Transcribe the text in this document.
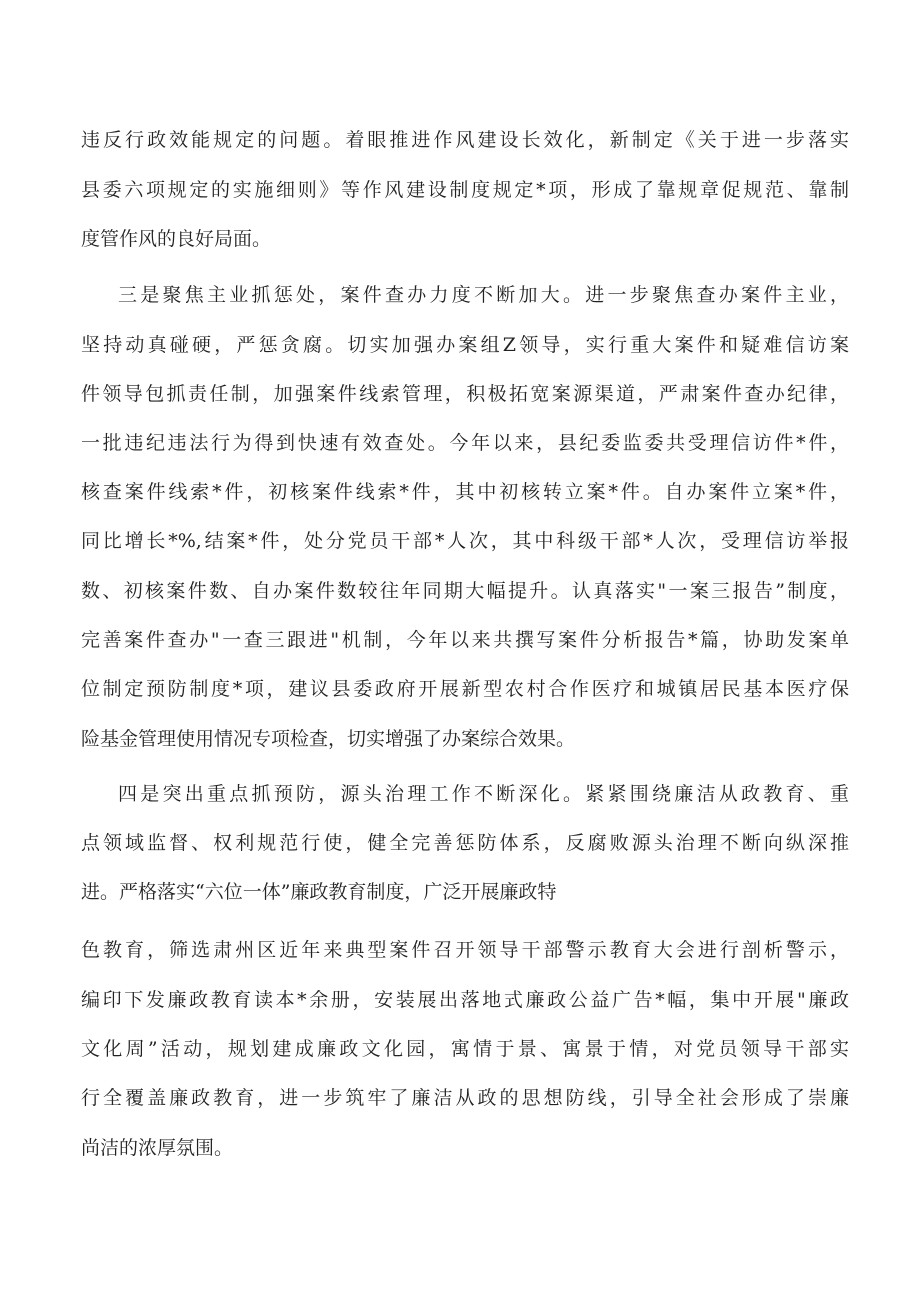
违反行政效能规定的问题。着眼推进作风建设长效化，新制定《关于进一步落实
县委六项规定的实施细则》等作风建设制度规定*项，形成了靠规章促规范、靠制
度管作风的良好局面。
三是聚焦主业抓惩处，案件查办力度不断加大。进一步聚焦查办案件主业，
坚持动真碰硬，严惩贪腐。切实加强办案组Z领导，实行重大案件和疑难信访案
件领导包抓责任制，加强案件线索管理，积极拓宽案源渠道，严肃案件查办纪律，
一批违纪违法行为得到快速有效查处。今年以来，县纪委监委共受理信访件*件，
核查案件线索*件，初核案件线索*件，其中初核转立案*件。自办案件立案*件，
同比增长*%,结案*件，处分党员干部*人次，其中科级干部*人次，受理信访举报
数、初核案件数、自办案件数较往年同期大幅提升。认真落实"一案三报告”制度，
完善案件查办"一查三跟进"机制，今年以来共撰写案件分析报告*篇，协助发案单
位制定预防制度*项，建议县委政府开展新型农村合作医疗和城镇居民基本医疗保
险基金管理使用情况专项检查，切实增强了办案综合效果。
四是突出重点抓预防，源头治理工作不断深化。紧紧围绕廉洁从政教育、重
点领域监督、权利规范行使，健全完善惩防体系，反腐败源头治理不断向纵深推
进。严格落实“六位一体”廉政教育制度，广泛开展廉政特
色教育，筛选肃州区近年来典型案件召开领导干部警示教育大会进行剖析警示，
编印下发廉政教育读本*余册，安装展出落地式廉政公益广告*幅，集中开展"廉政
文化周”活动，规划建成廉政文化园，寓情于景、寓景于情，对党员领导干部实
行全覆盖廉政教育，进一步筑牢了廉洁从政的思想防线，引导全社会形成了崇廉
尚洁的浓厚氛围。
